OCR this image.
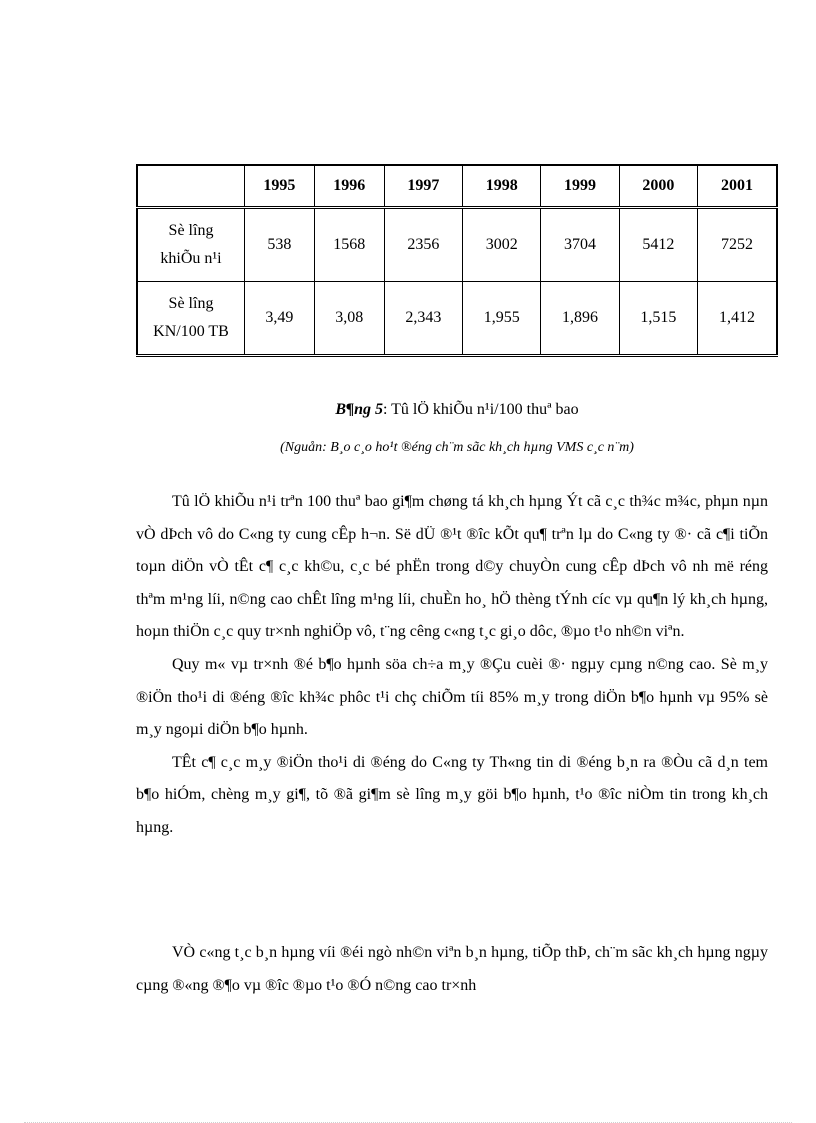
	1995	1996	1997	1998	1999	2000	2001
Sè lîng
khiÕu n¹i	538	1568	2356	3002	3704	5412	7252
Sè lîng
KN/100 TB	3,49	3,08	2,343	1,955	1,896	1,515	1,412
B¶ng 5: Tû lÖ khiÕu n¹i/100 thuª bao
(Nguån: B¸o c¸o ho¹t ®éng ch¨m sãc kh¸ch hµng VMS c¸c n¨m)

Tû lÖ khiÕu n¹i trªn 100 thuª bao gi¶m chøng tá kh¸ch hµng Ýt cã c¸c th¾c m¾c, phµn nµn vÒ dÞch vô do C«ng ty cung cÊp h¬n. Së dÜ ®¹t ®îc kÕt qu¶ trªn lµ do C«ng ty ®· cã c¶i tiÕn toµn diÖn vÒ tÊt c¶ c¸c kh©u, c¸c bé phËn trong d©y chuyÒn cung cÊp dÞch vô nh më réng thªm m¹ng líi, n©ng cao chÊt lîng m¹ng líi, chuÈn ho¸ hÖ thèng tÝnh cíc vµ qu¶n lý kh¸ch hµng, hoµn thiÖn c¸c quy tr×nh nghiÖp vô, t¨ng cêng c«ng t¸c gi¸o dôc, ®µo t¹o nh©n viªn.

Quy m« vµ tr×nh ®é b¶o hµnh söa ch÷a m¸y ®Çu cuèi ®· ngµy cµng n©ng cao. Sè m¸y ®iÖn tho¹i di ®éng ®îc kh¾c phôc t¹i chç chiÕm tíi 85% m¸y trong diÖn b¶o hµnh vµ 95% sè m¸y ngoµi diÖn b¶o hµnh.

TÊt c¶ c¸c m¸y ®iÖn tho¹i di ®éng do C«ng ty Th«ng tin di ®éng b¸n ra ®Òu cã d¸n tem b¶o hiÓm, chèng m¸y gi¶, tõ ®ã gi¶m sè lîng m¸y göi b¶o hµnh, t¹o ®îc niÒm tin trong kh¸ch hµng.

VÒ c«ng t¸c b¸n hµng víi ®éi ngò nh©n viªn b¸n hµng, tiÕp thÞ, ch¨m sãc kh¸ch hµng ngµy cµng ®«ng ®¶o vµ ®îc ®µo t¹o ®Ó n©ng cao tr×nh
